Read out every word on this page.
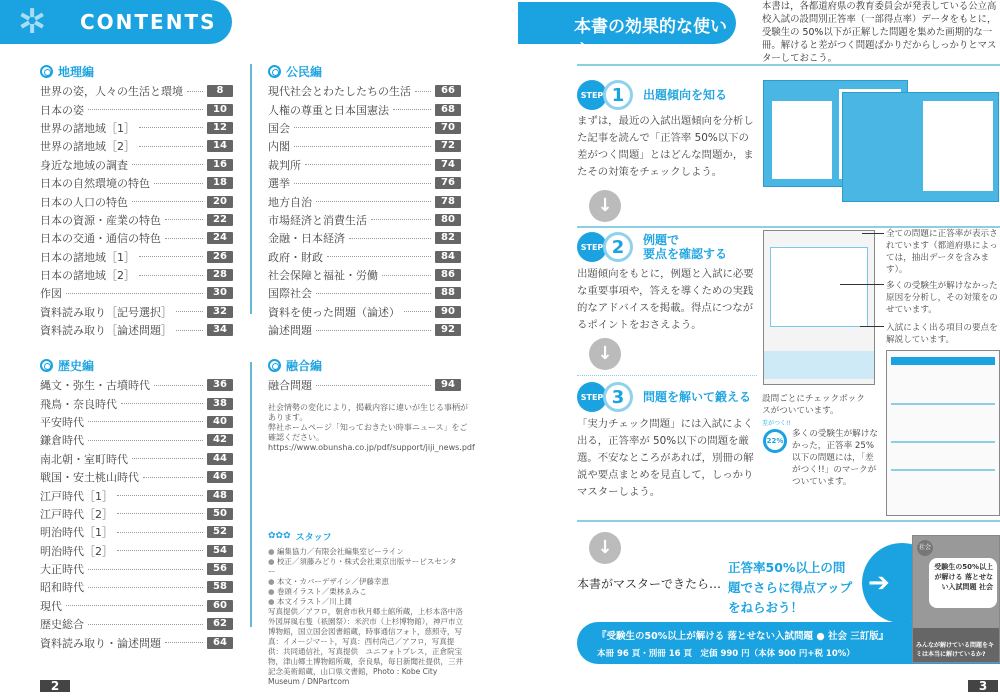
✲ CONTENTS
地理編
世界の姿，人々の生活と環境	8
日本の姿	10
世界の諸地域［1］	12
世界の諸地域［2］	14
身近な地域の調査	16
日本の自然環境の特色	18
日本の人口の特色	20
日本の資源・産業の特色	22
日本の交通・通信の特色	24
日本の諸地域［1］	26
日本の諸地域［2］	28
作図	30
資料読み取り［記号選択］	32
資料読み取り［論述問題］	34
歴史編
縄文・弥生・古墳時代	36
飛鳥・奈良時代	38
平安時代	40
鎌倉時代	42
南北朝・室町時代	44
戦国・安土桃山時代	46
江戸時代［1］	48
江戸時代［2］	50
明治時代［1］	52
明治時代［2］	54
大正時代	56
昭和時代	58
現代	60
歴史総合	62
資料読み取り・論述問題	64
公民編
現代社会とわたしたちの生活	66
人権の尊重と日本国憲法	68
国会	70
内閣	72
裁判所	74
選挙	76
地方自治	78
市場経済と消費生活	80
金融・日本経済	82
政府・財政	84
社会保障と福祉・労働	86
国際社会	88
資料を使った問題（論述）	90
論述問題	92
融合編
融合問題	94
社会情勢の変化により，掲載内容に違いが生じる事柄があります。
弊社ホームページ「知っておきたい時事ニュース」をご確認ください。
https://www.obunsha.co.jp/pdf/support/jiji_news.pdf
✿✿✿ スタッフ
● 編集協力／有限会社編集室ビーライン
● 校正／須藤みどり・株式会社東京出版サービスセンター
● 本文・カバーデザイン／伊藤幸恵
● 巻頭イラスト／栗林ゑみこ
● 本文イラスト／川上潤
写真提供／アフロ，朝倉市秋月郷土館所蔵，上杉本洛中洛外図屏風右隻（祇園祭）：米沢市（上杉博物館），神戸市立博物館，国立国会図書館蔵，時事通信フォト，慈照寺，写真：イメージマート，写真：西村尚己／アフロ，写真提供：共同通信社，写真提供　ユニフォトプレス，正倉院宝物，津山郷土博物館所蔵，奈良県，毎日新聞社提供，三井記念美術館蔵，山口県文書館，Photo : Kobe City Museum / DNPartcom
2
本書の効果的な使い方
本書は，各都道府県の教育委員会が発表している公立高校入試の設問別正答率（一部得点率）データをもとに，受験生の 50%以下が正解した問題を集めた画期的な一冊。解けると差がつく問題ばかりだからしっかりとマスターしておこう。
STEP 1	出題傾向を知る
まずは，最近の入試出題傾向を分析した記事を読んで「正答率 50%以下の差がつく問題」とはどんな問題か，またその対策をチェックしよう。
↓
STEP 2	例題で
要点を確認する
出題傾向をもとに，例題と入試に必要な重要事項や，答えを導くための実践的なアドバイスを掲載。得点につながるポイントをおさえよう。
↓
全ての問題に正答率が表示されています（都道府県によっては，抽出データを含みます）。
多くの受験生が解けなかった原因を分析し，その対策をのせています。
入試によく出る項目の要点を解説しています。
STEP 3	問題を解いて鍛える
「実力チェック問題」には入試によく出る，正答率が 50%以下の問題を厳選。不安なところがあれば，別冊の解説や要点まとめを見直して，しっかりマスターしよう。
設問ごとにチェックボックスがついています。
差がつく!!
22%
多くの受験生が解けなかった，正答率 25%以下の問題には，「差がつく!!」のマークがついています。
↓
本書がマスターできたら…
正答率50%以上の問題でさらに得点アップをねらおう！
➔
『受験生の50%以上が解ける 落とせない入試問題 ● 社会 三訂版』
本冊 96 頁・別冊 16 頁　定価 990 円（本体 900 円+税 10%）
社会
受験生の50%以上が解ける 落とせない入試問題 社会
みんなが解けている問題をキミは本当に解けているか?
3
